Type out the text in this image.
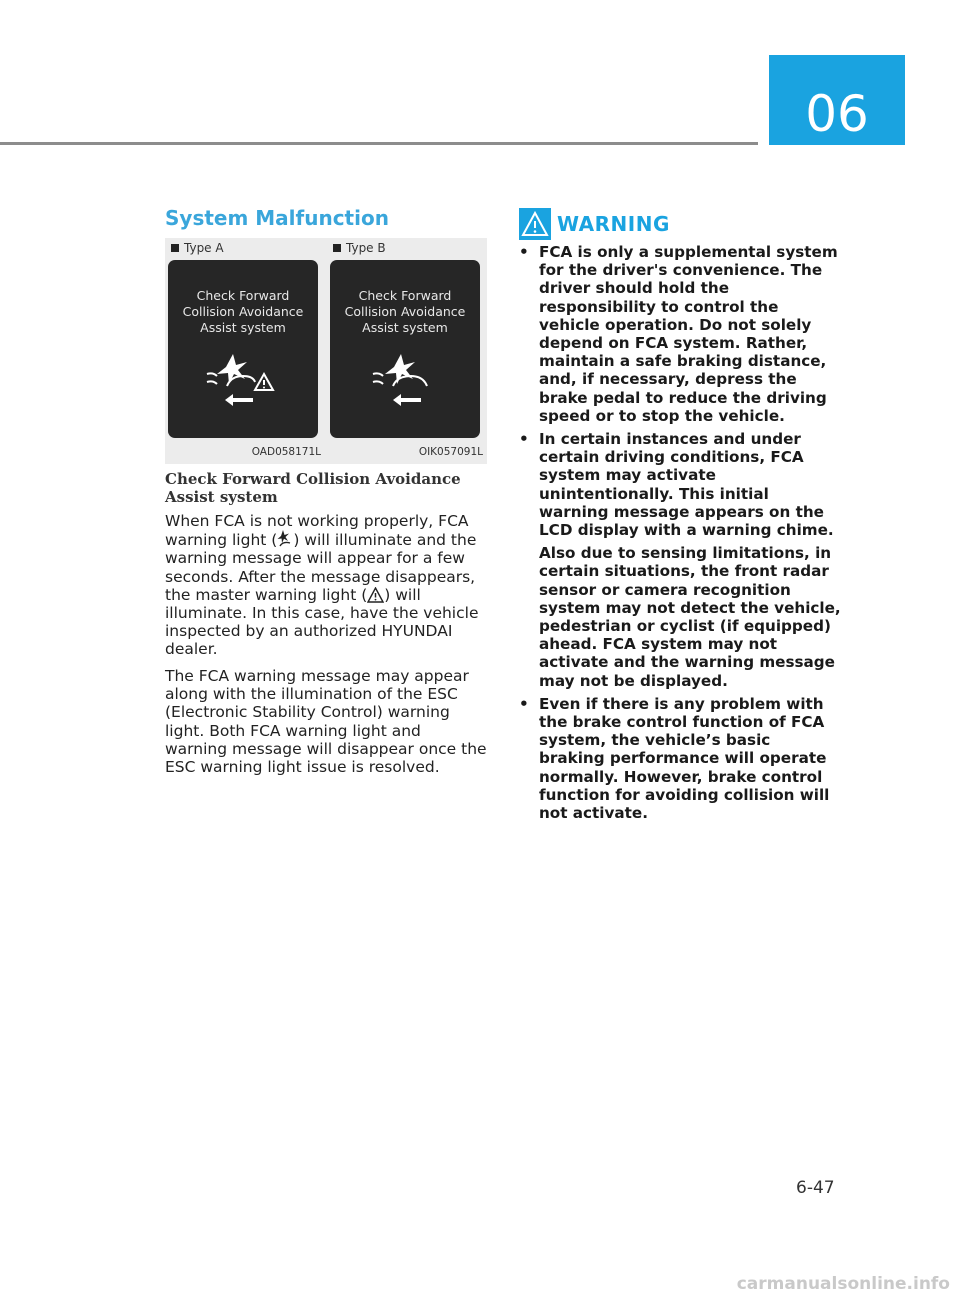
06
System Malfunction
Type A
Check Forward
Collision Avoidance
Assist system
OAD058171L
Type B
Check Forward
Collision Avoidance
Assist system
OIK057091L
Check Forward Collision Avoidance Assist system
When FCA is not working properly, FCA warning light ( ) will illuminate and the warning message will appear for a few seconds. After the message disappears, the master warning light ( ) will illuminate. In this case, have the vehicle inspected by an authorized HYUNDAI dealer.
The FCA warning message may appear along with the illumination of the ESC (Electronic Stability Control) warning light. Both FCA warning light and warning message will disappear once the ESC warning light issue is resolved.
WARNING
• FCA is only a supplemental system for the driver's convenience. The driver should hold the responsibility to control the vehicle operation. Do not solely depend on FCA system. Rather, maintain a safe braking distance, and, if necessary, depress the brake pedal to reduce the driving speed or to stop the vehicle.

• In certain instances and under certain driving conditions, FCA system may activate unintentionally. This initial warning message appears on the LCD display with a warning chime.

Also due to sensing limitations, in certain situations, the front radar sensor or camera recognition system may not detect the vehicle, pedestrian or cyclist (if equipped) ahead. FCA system may not activate and the warning message may not be displayed.

• Even if there is any problem with the brake control function of FCA system, the vehicle’s basic braking performance will operate normally. However, brake control function for avoiding collision will not activate.

6-47
carmanualsonline.info
